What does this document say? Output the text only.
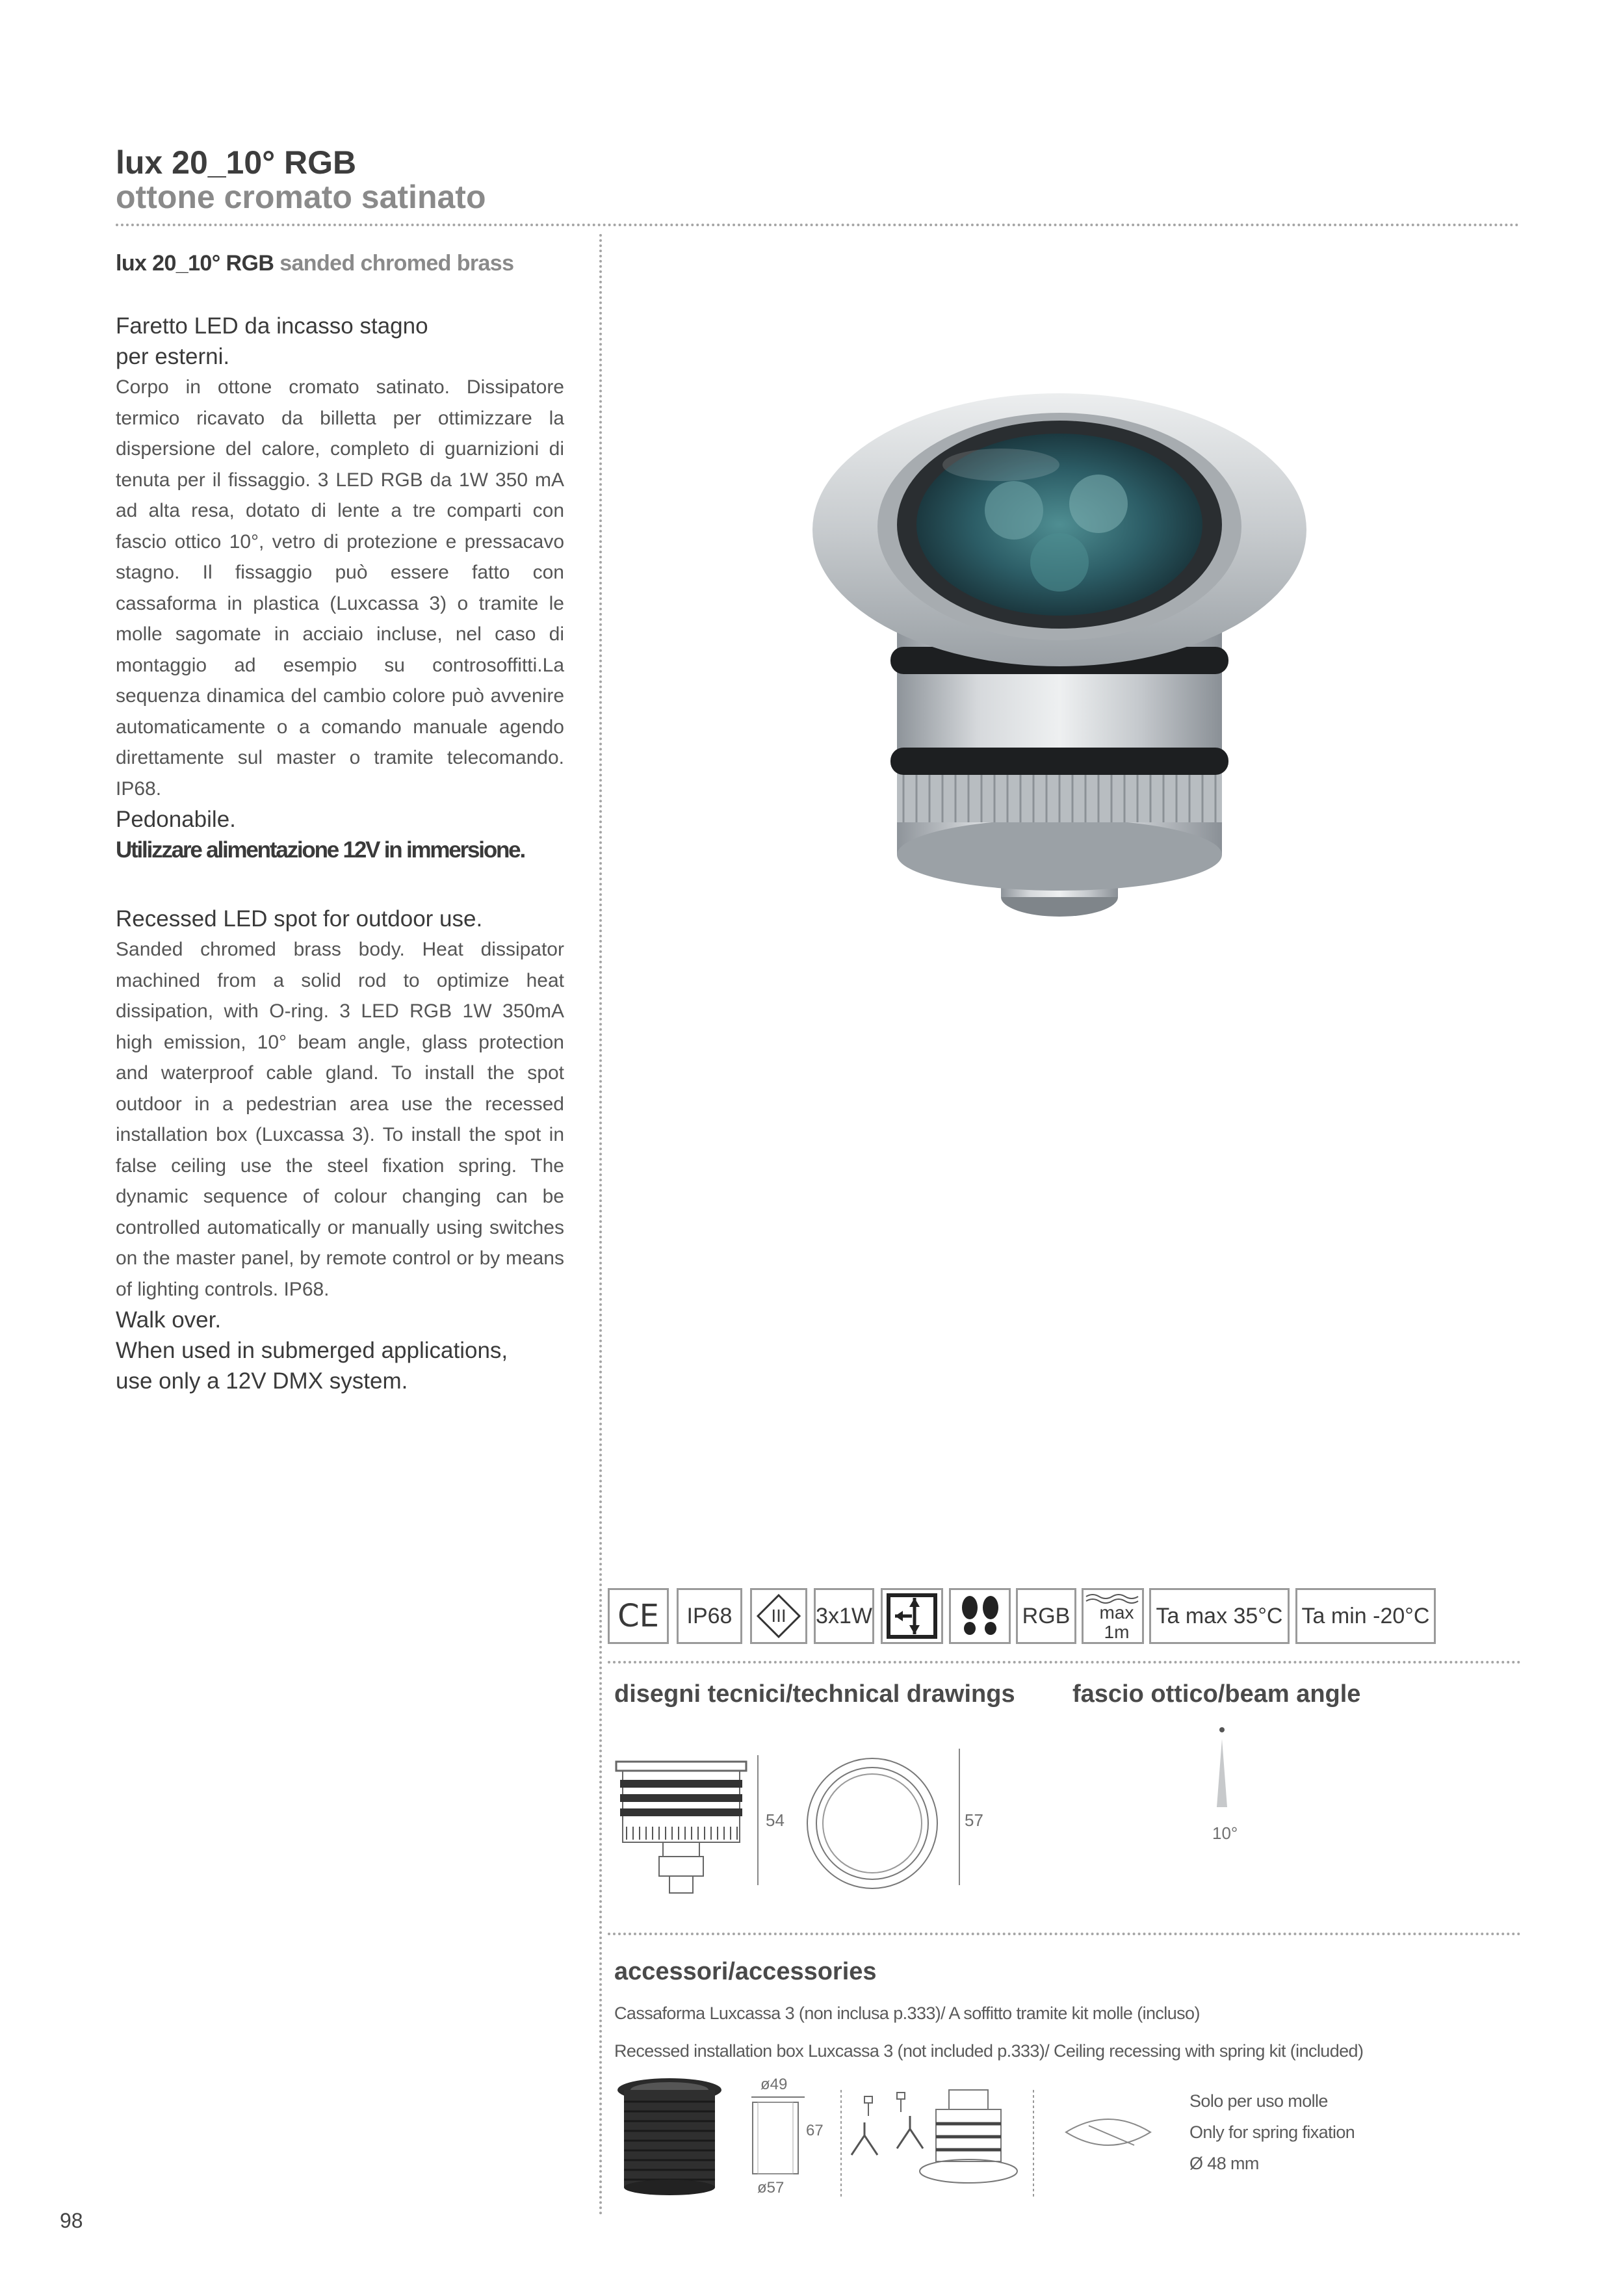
lux 20_10° RGB
ottone cromato satinato
lux 20_10° RGB sanded chromed brass
Faretto LED da incasso stagno
per esterni.
Corpo in ottone cromato satinato. Dissipatore termico ricavato da billetta per ottimizzare la dispersione del calore, completo di guarnizioni di tenuta per il fissaggio. 3 LED RGB da 1W 350 mA ad alta resa, dotato di lente a tre comparti con fascio ottico 10°, vetro di protezione e pressacavo stagno. Il fissaggio può essere fatto con cassaforma in plastica (Luxcassa 3) o tramite le molle sagomate in acciaio incluse, nel caso di montaggio ad esempio su controsoffitti.La sequenza dinamica del cambio colore può avvenire automaticamente o a comando manuale agendo direttamente sul master o tramite telecomando. IP68.
Pedonabile.
Utilizzare alimentazione 12V in immersione.
Recessed LED spot for outdoor use.
Sanded chromed brass body. Heat dissipator machined from a solid rod to optimize heat dissipation, with O-ring. 3 LED RGB 1W 350mA high emission, 10° beam angle, glass protection and waterproof cable gland. To install the spot outdoor in a pedestrian area use the recessed installation box (Luxcassa 3). To install the spot in false ceiling use the steel fixation spring. The dynamic sequence of colour changing can be controlled automatically or manually using switches on the master panel, by remote control or by means of lighting controls. IP68.
Walk over.
When used in submerged applications,
use only a 12V DMX system.
CE IP68	III	3x1W	RGB max
1m
Ta max 35°C Ta min -20°C
disegni tecnici/technical drawings fascio ottico/beam angle
54	57
10°
accessori/accessories
Cassaforma Luxcassa 3 (non inclusa p.333)/ A soffitto tramite kit molle (incluso)
Recessed installation box Luxcassa 3 (not included p.333)/ Ceiling recessing with spring kit (included)
ø49
67
ø57
Solo per uso molle
Only for spring fixation
Ø 48 mm
98
